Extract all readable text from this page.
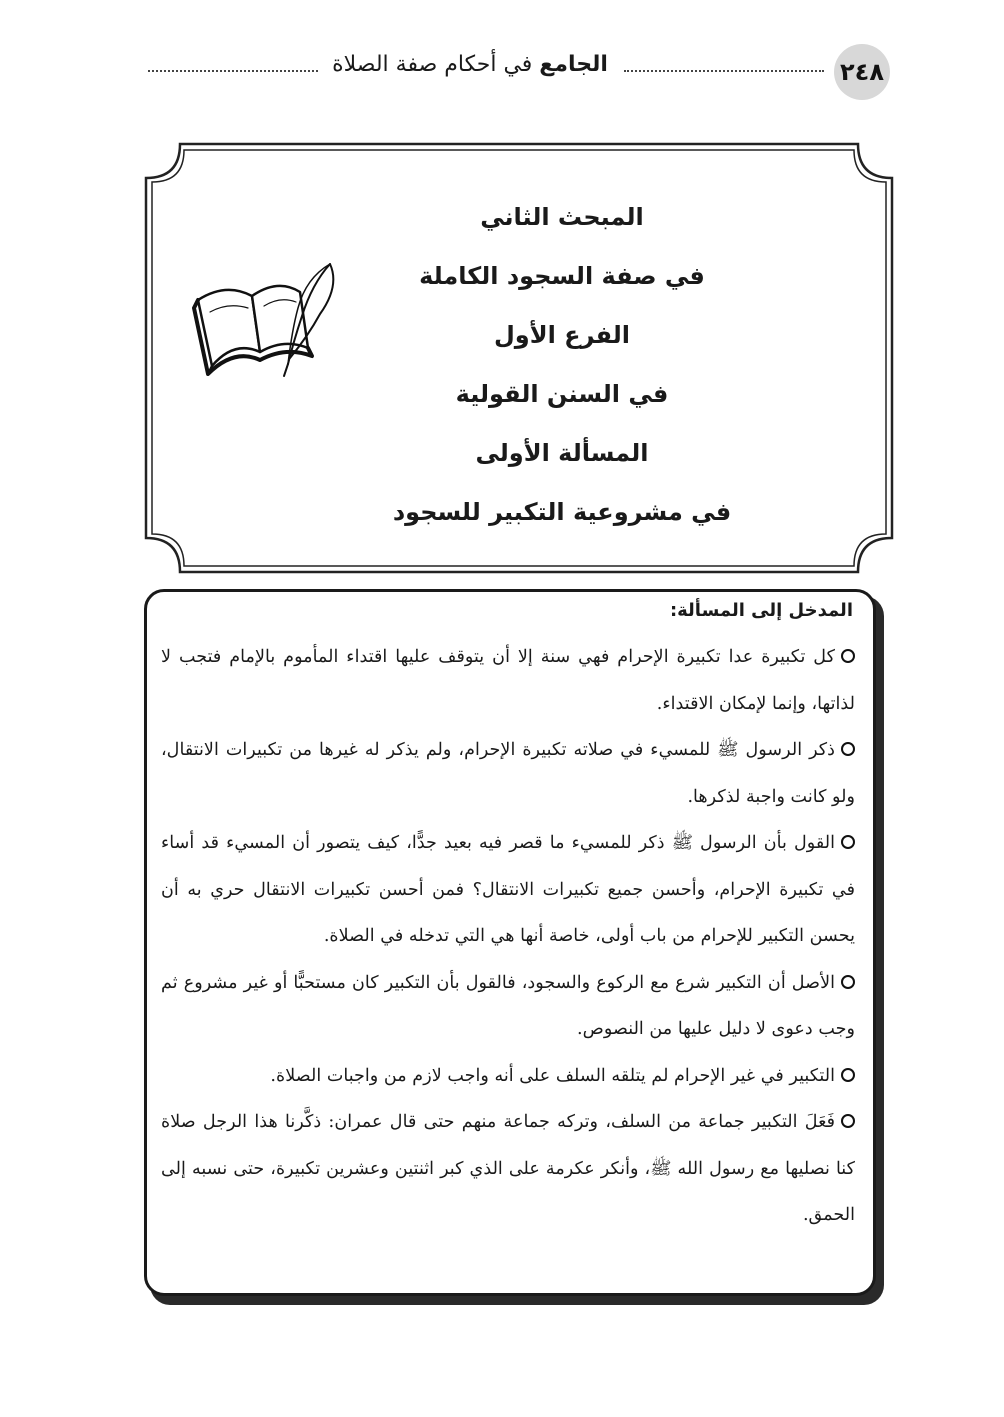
٢٤٨
الجامع في أحكام صفة الصلاة
المبحث الثاني
في صفة السجود الكاملة
الفرع الأول
في السنن القولية
المسألة الأولى
في مشروعية التكبير للسجود
المدخل إلى المسألة:
كل تكبيرة عدا تكبيرة الإحرام فهي سنة إلا أن يتوقف عليها اقتداء المأموم بالإمام فتجب لا لذاتها، وإنما لإمكان الاقتداء.
ذكر الرسول ﷺ للمسيء في صلاته تكبيرة الإحرام، ولم يذكر له غيرها من تكبيرات الانتقال، ولو كانت واجبة لذكرها.
القول بأن الرسول ﷺ ذكر للمسيء ما قصر فيه بعيد جدًّا، كيف يتصور أن المسيء قد أساء في تكبيرة الإحرام، وأحسن جميع تكبيرات الانتقال؟ فمن أحسن تكبيرات الانتقال حري به أن يحسن التكبير للإحرام من باب أولى، خاصة أنها هي التي تدخله في الصلاة.
الأصل أن التكبير شرع مع الركوع والسجود، فالقول بأن التكبير كان مستحبًّا أو غير مشروع ثم وجب دعوى لا دليل عليها من النصوص.
التكبير في غير الإحرام لم يتلقه السلف على أنه واجب لازم من واجبات الصلاة.
فَعَلَ التكبير جماعة من السلف، وتركه جماعة منهم حتى قال عمران: ذكَّرنا هذا الرجل صلاة كنا نصليها مع رسول الله ﷺ، وأنكر عكرمة على الذي كبر اثنتين وعشرين تكبيرة، حتى نسبه إلى الحمق.
